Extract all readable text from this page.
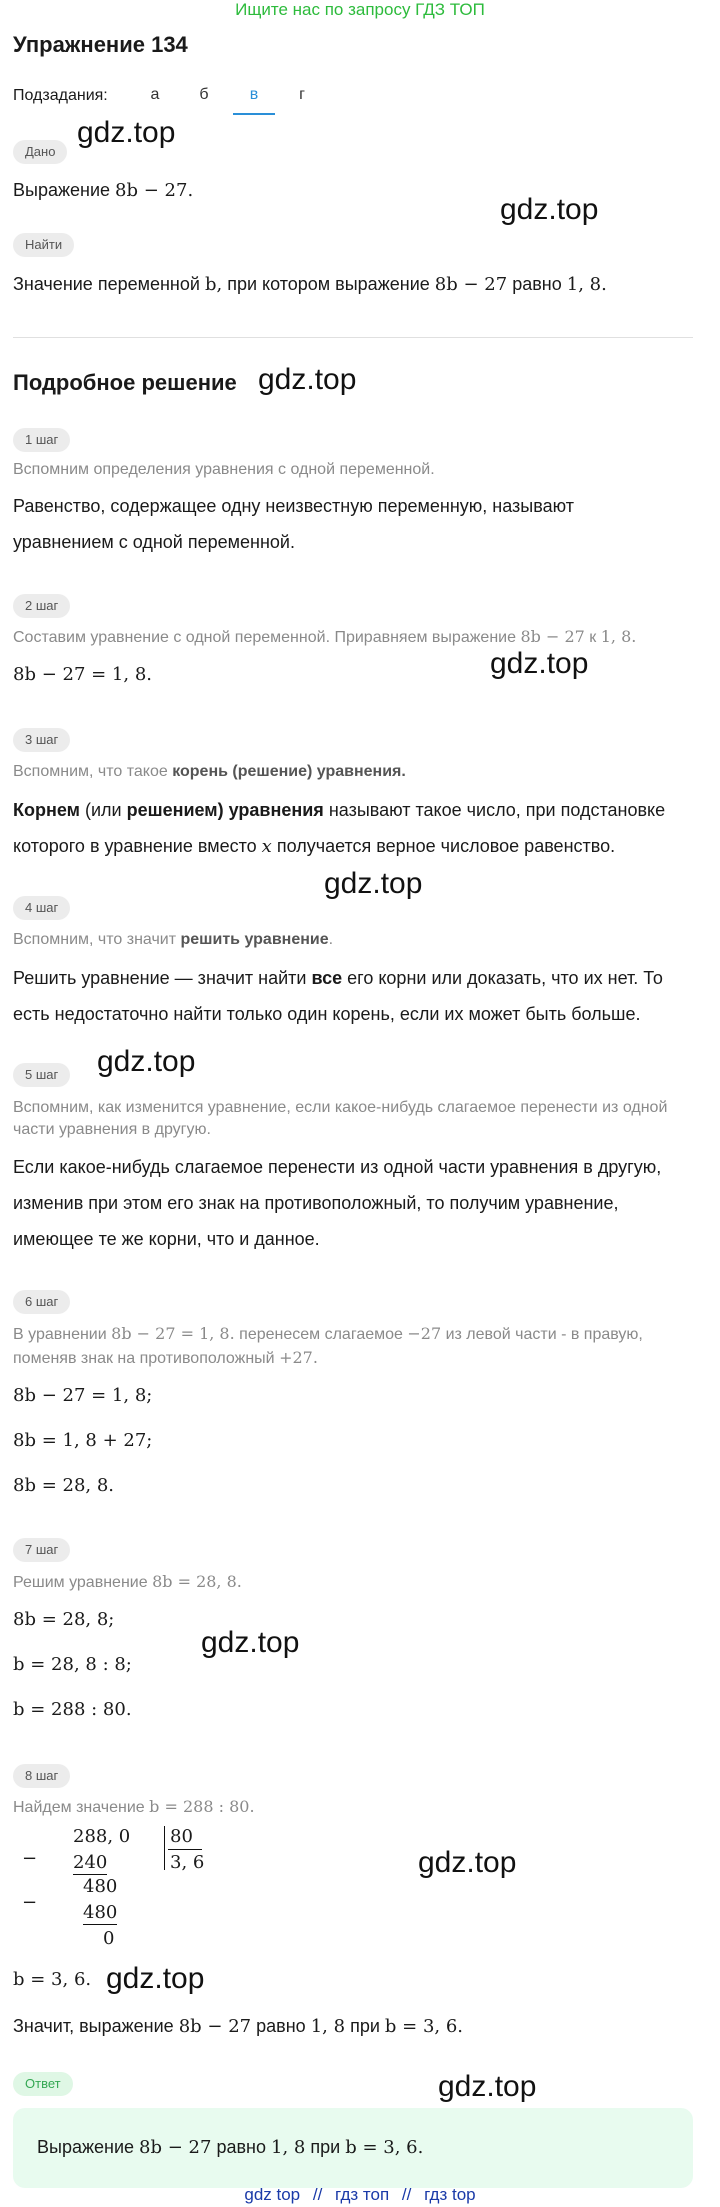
Ищите нас по запросу ГДЗ ТОП
Упражнение 134
Подзадания:	а	б	в	г
Дано
Выражение 8b − 27.
Найти
Значение переменной b, при котором выражение 8b − 27 равно 1, 8.
Подробное решение
1 шаг
Вспомним определения уравнения с одной переменной.
Равенство, содержащее одну неизвестную переменную, называют
уравнением с одной переменной.
2 шаг
Составим уравнение с одной переменной. Приравняем выражение 8b − 27 к 1, 8.
8b − 27 = 1, 8.
3 шаг
Вспомним, что такое корень (решение) уравнения.
Корнем (или решением) уравнения называют такое число, при подстановке
которого в уравнение вместо x получается верное числовое равенство.
4 шаг
Вспомним, что значит решить уравнение.
Решить уравнение — значит найти все его корни или доказать, что их нет. То
есть недостаточно найти только один корень, если их может быть больше.
5 шаг
Вспомним, как изменится уравнение, если какое-нибудь слагаемое перенести из одной
части уравнения в другую.
Если какое-нибудь слагаемое перенести из одной части уравнения в другую,
изменив при этом его знак на противоположный, то получим уравнение,
имеющее те же корни, что и данное.
6 шаг
В уравнении 8b − 27 = 1, 8. перенесем слагаемое −27 из левой части - в правую,
поменяв знак на противоположный +27.
8b − 27 = 1, 8;
8b = 1, 8 + 27;
8b = 28, 8.
7 шаг
Решим уравнение 8b = 28, 8.
8b = 28, 8;
b = 28, 8 : 8;
b = 288 : 80.
8 шаг
Найдем значение b = 288 : 80.
−
288, 0
240
480
−	480
0
80
3, 6
b = 3, 6.
Значит, выражение 8b − 27 равно 1, 8 при b = 3, 6.
Ответ
Выражение 8b − 27 равно 1, 8 при b = 3, 6.
gdz.top
gdz.top
gdz.top
gdz.top
gdz.top
gdz.top
gdz.top
gdz.top
gdz.top
gdz.top
gdz top // гдз топ // гдз top
